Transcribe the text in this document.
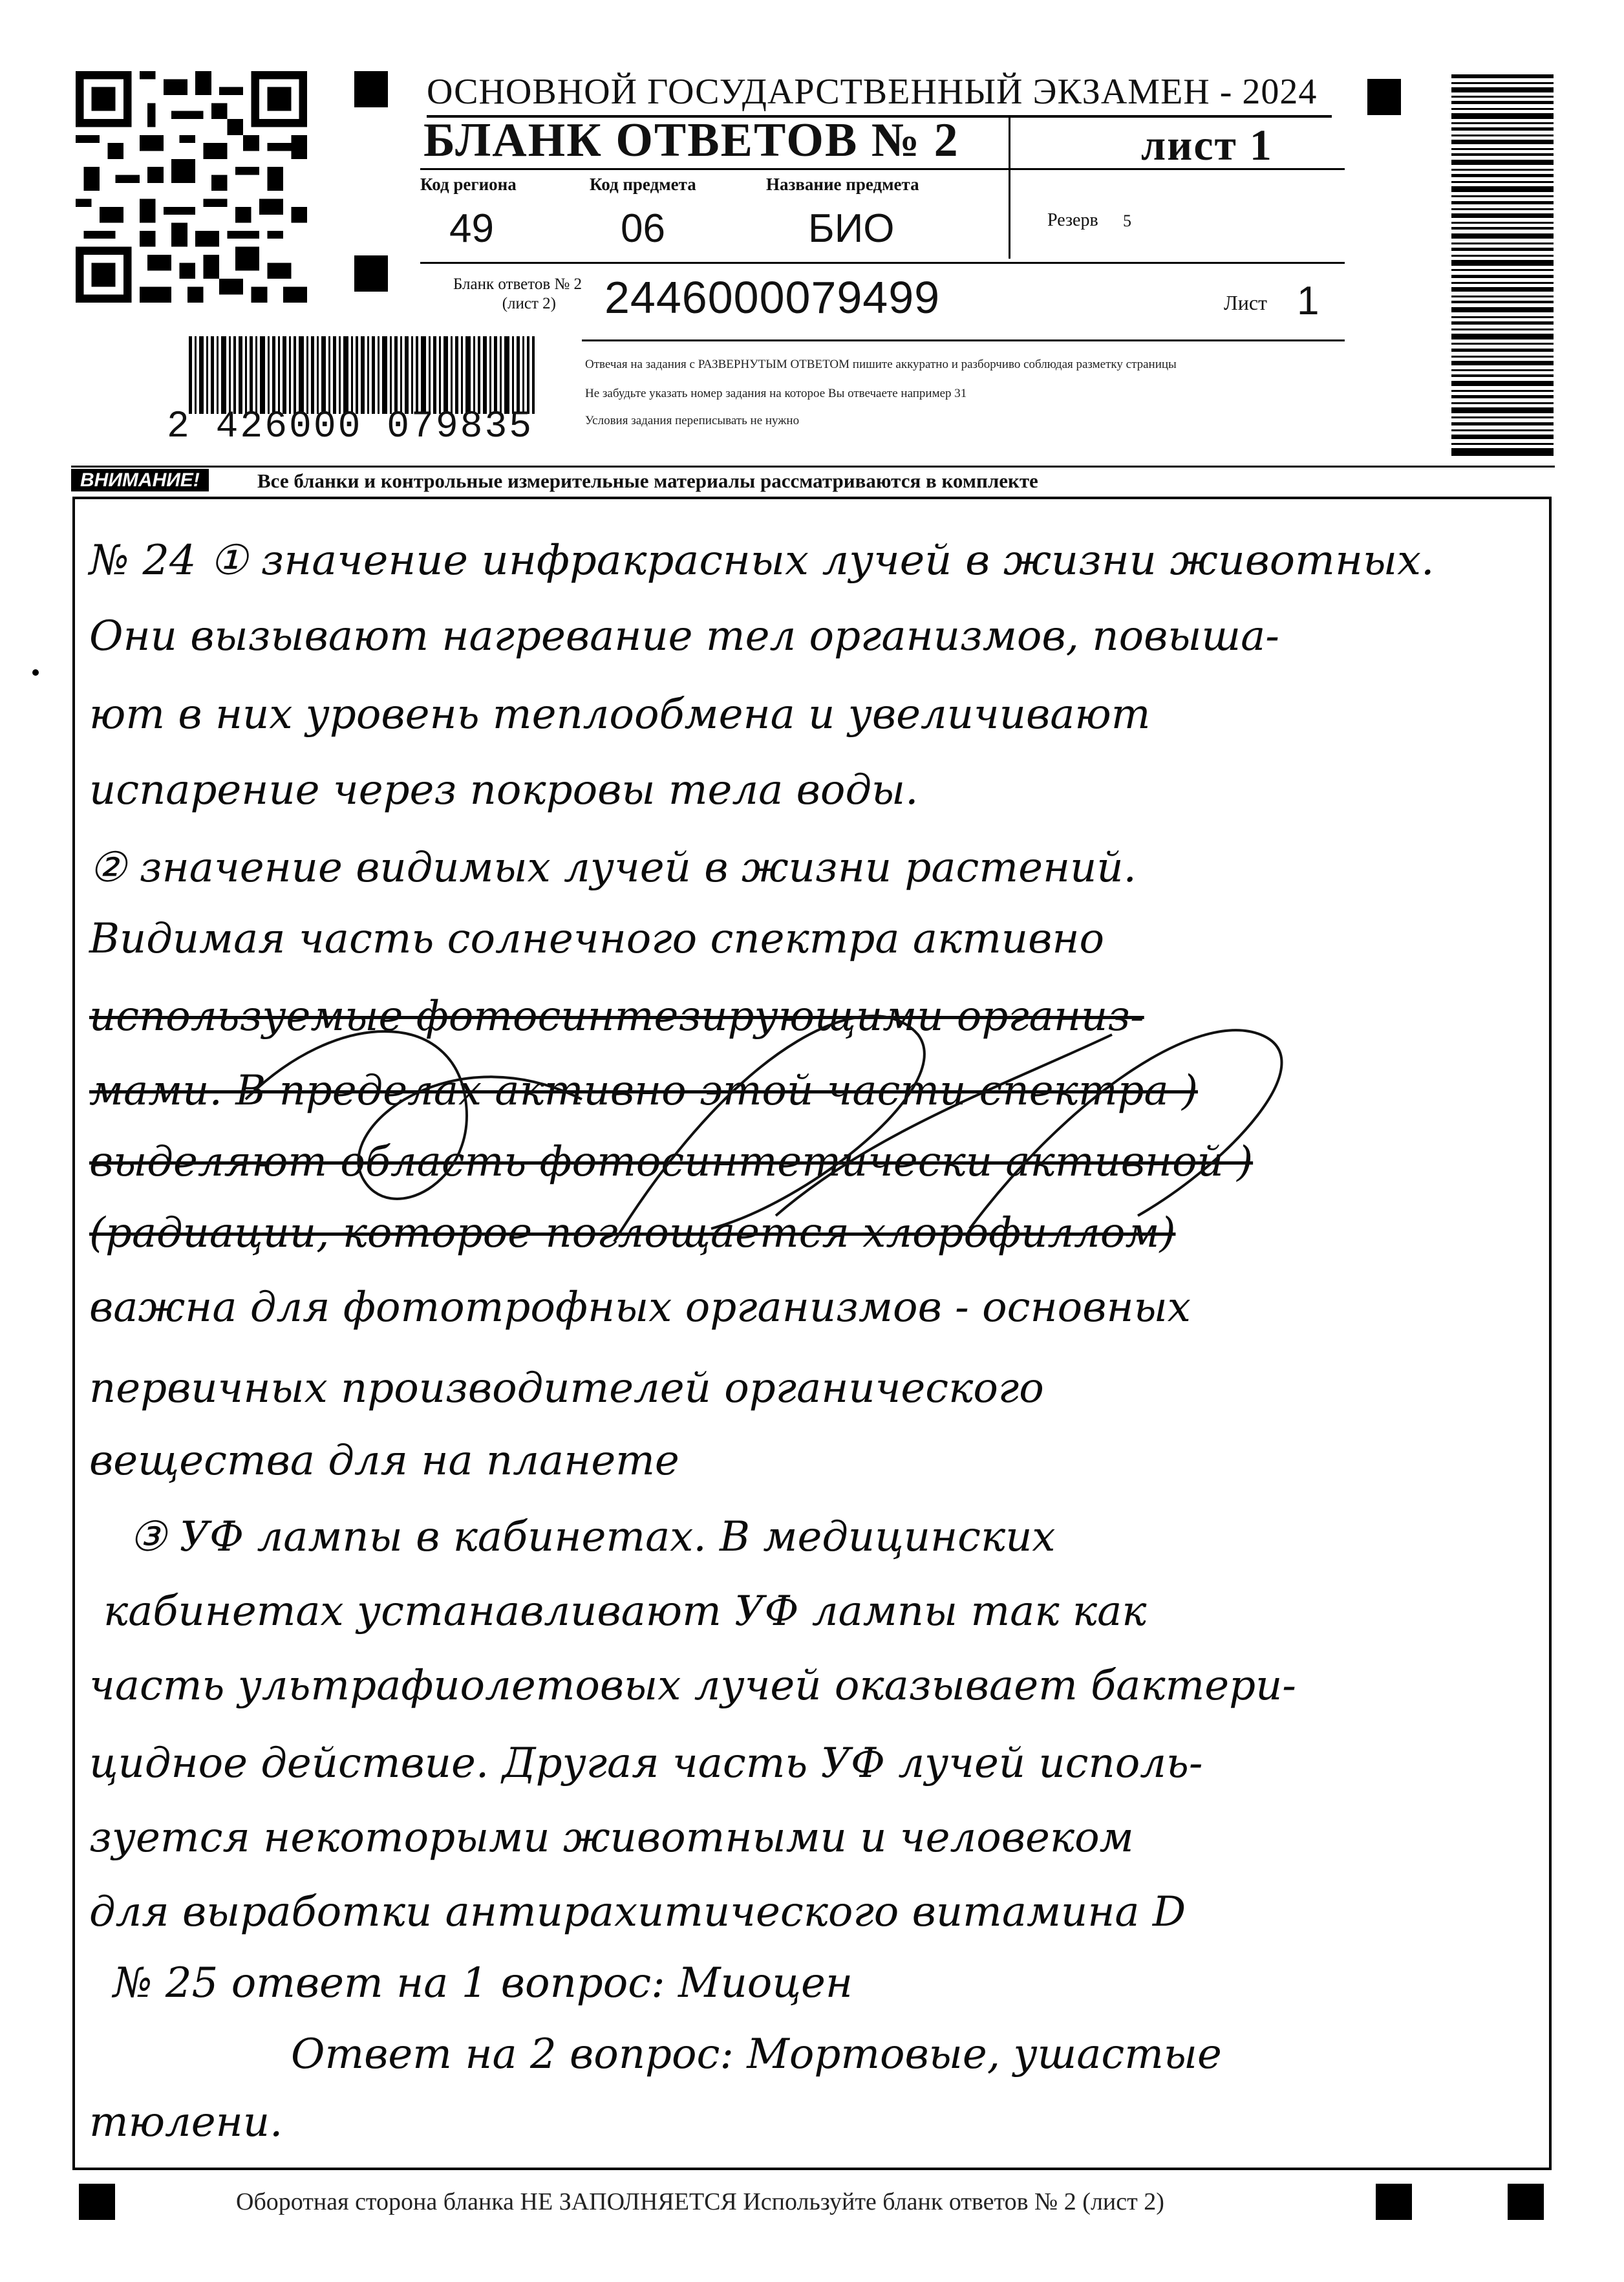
2 426000 079835
ОСНОВНОЙ ГОСУДАРСТВЕННЫЙ ЭКЗАМЕН - 2024
БЛАНК ОТВЕТОВ № 2	лист 1
Код региона
49
Код предмета
06
Название предмета
БИО	Резерв 5
Бланк ответов № 2
(лист 2)	2446000079499	Лист 1
Отвечая на задания с РАЗВЕРНУТЫМ ОТВЕТОМ пишите аккуратно и разборчиво соблюдая разметку страницы
Не забудьте указать номер задания на которое Вы отвечаете например 31
Условия задания переписывать не нужно
ВНИМАНИЕ!	Все бланки и контрольные измерительные материалы рассматриваются в комплекте
№ 24 ① значение инфракрасных лучей в жизни животных.
Они вызывают нагревание тел организмов, повыша-
ют в них уровень теплообмена и увеличивают
испарение через покровы тела воды.
② значение видимых лучей в жизни растений.
Видимая часть солнечного спектра активно
используемые фотосинтезирующими организ-
мами. В пределах активно этой части спектра )
выделяют область фотосинтетически активной )
(радиации, которое поглощается хлорофиллом)
важна для фототрофных организмов - основных
первичных производителей органического
вещества для на планете
③ УФ лампы в кабинетах. В медицинских
кабинетах устанавливают УФ лампы так как
часть ультрафиолетовых лучей оказывает бактери-
цидное действие. Другая часть УФ лучей исполь-
зуется некоторыми животными и человеком
для выработки антирахитического витамина D
№ 25 ответ на 1 вопрос: Миоцен
Ответ на 2 вопрос: Мортовые, ушастые
тюлени.
Оборотная сторона бланка НЕ ЗАПОЛНЯЕТСЯ Используйте бланк ответов № 2 (лист 2)
